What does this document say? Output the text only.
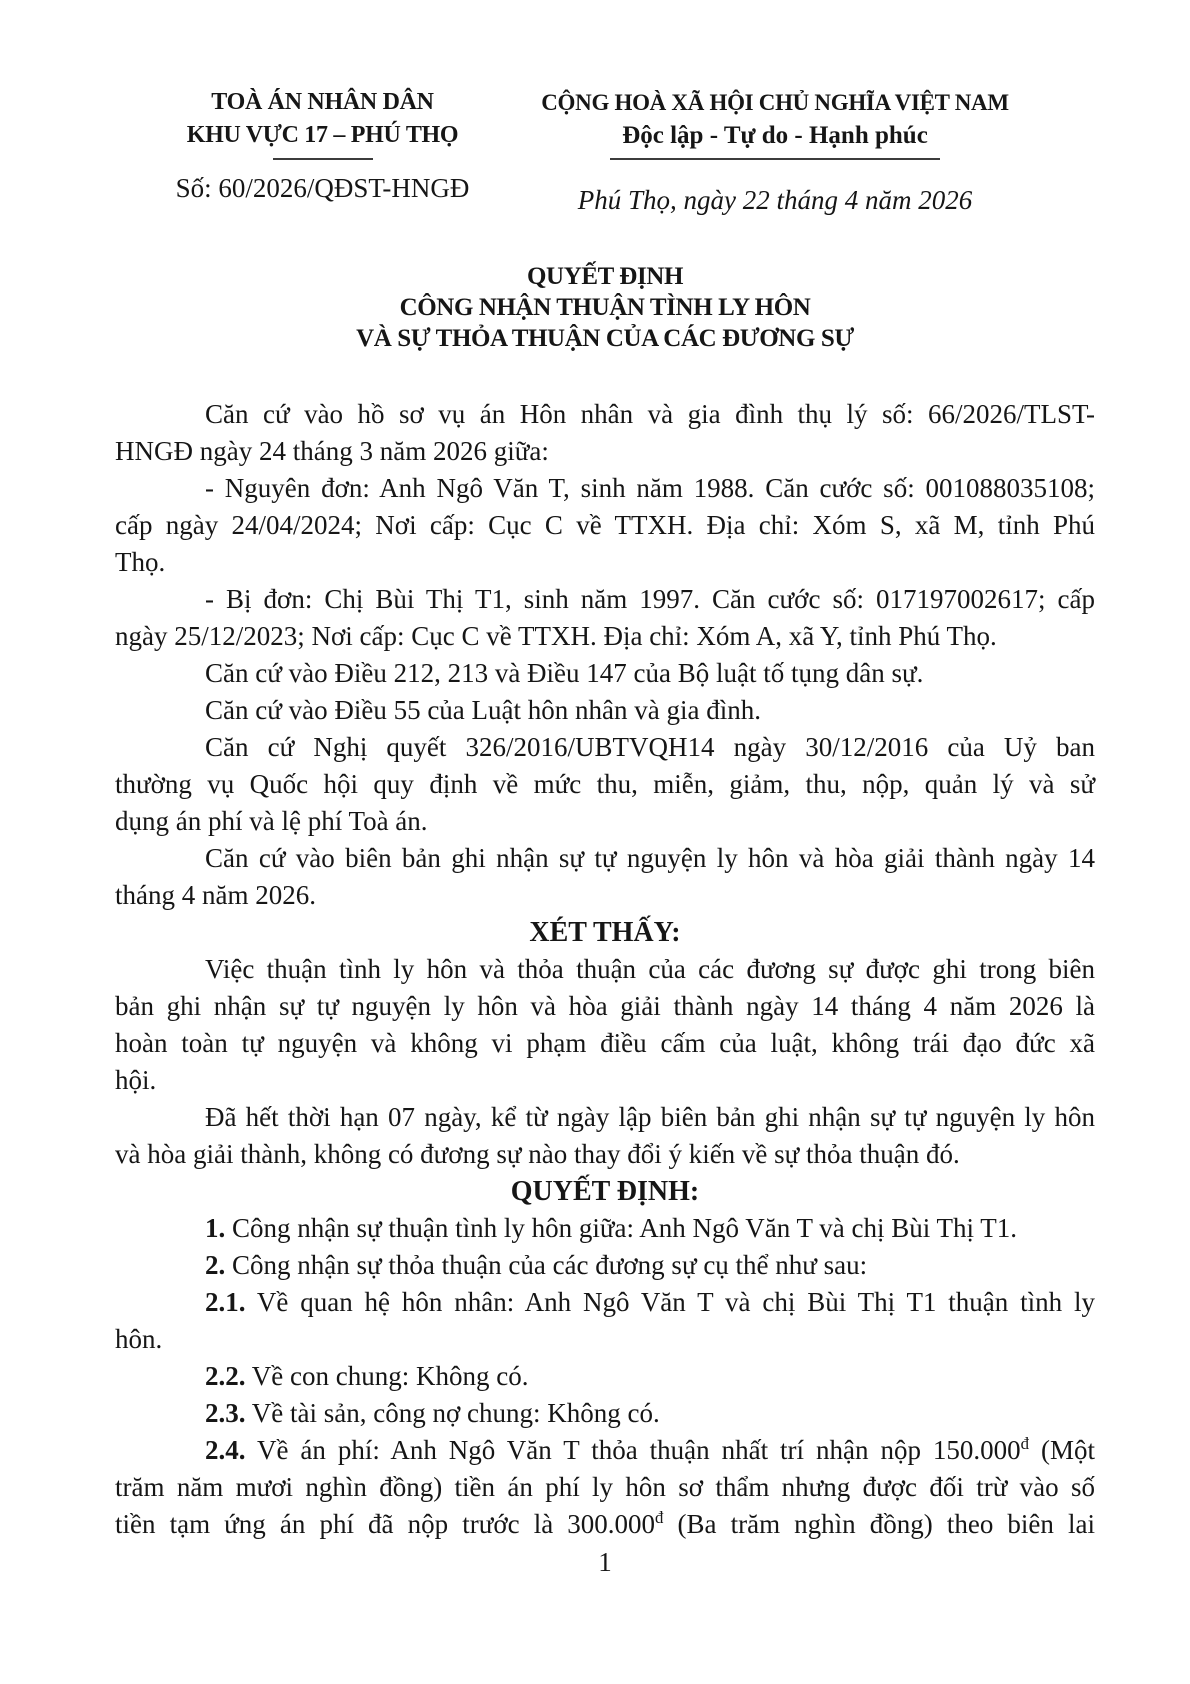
TOÀ ÁN NHÂN DÂN
KHU VỰC 17 – PHÚ THỌ
Số: 60/2026/QĐST-HNGĐ
CỘNG HOÀ XÃ HỘI CHỦ NGHĨA VIỆT NAM
Độc lập - Tự do - Hạnh phúc
Phú Thọ, ngày 22 tháng 4 năm 2026
QUYẾT ĐỊNH
CÔNG NHẬN THUẬN TÌNH LY HÔN
VÀ SỰ THỎA THUẬN CỦA CÁC ĐƯƠNG SỰ
Căn cứ vào hồ sơ vụ án Hôn nhân và gia đình thụ lý số: 66/2026/TLST-
HNGĐ ngày 24 tháng 3 năm 2026 giữa:
- Nguyên đơn: Anh Ngô Văn T, sinh năm 1988. Căn cước số: 001088035108;
cấp ngày 24/04/2024; Nơi cấp: Cục C về TTXH. Địa chỉ: Xóm S, xã M, tỉnh Phú
Thọ.
- Bị đơn: Chị Bùi Thị T1, sinh năm 1997. Căn cước số: 017197002617; cấp
ngày 25/12/2023; Nơi cấp: Cục C về TTXH. Địa chỉ: Xóm A, xã Y, tỉnh Phú Thọ.
Căn cứ vào Điều 212, 213 và Điều 147 của Bộ luật tố tụng dân sự.
Căn cứ vào Điều 55 của Luật hôn nhân và gia đình.
Căn cứ Nghị quyết 326/2016/UBTVQH14 ngày 30/12/2016 của Uỷ ban
thường vụ Quốc hội quy định về mức thu, miễn, giảm, thu, nộp, quản lý và sử
dụng án phí và lệ phí Toà án.
Căn cứ vào biên bản ghi nhận sự tự nguyện ly hôn và hòa giải thành ngày 14
tháng 4 năm 2026.
XÉT THẤY:
Việc thuận tình ly hôn và thỏa thuận của các đương sự được ghi trong biên
bản ghi nhận sự tự nguyện ly hôn và hòa giải thành ngày 14 tháng 4 năm 2026 là
hoàn toàn tự nguyện và không vi phạm điều cấm của luật, không trái đạo đức xã
hội.
Đã hết thời hạn 07 ngày, kể từ ngày lập biên bản ghi nhận sự tự nguyện ly hôn
và hòa giải thành, không có đương sự nào thay đổi ý kiến về sự thỏa thuận đó.
QUYẾT ĐỊNH:
1. Công nhận sự thuận tình ly hôn giữa: Anh Ngô Văn T và chị Bùi Thị T1.
2. Công nhận sự thỏa thuận của các đương sự cụ thể như sau:
2.1. Về quan hệ hôn nhân: Anh Ngô Văn T và chị Bùi Thị T1 thuận tình ly
hôn.
2.2. Về con chung: Không có.
2.3. Về tài sản, công nợ chung: Không có.
2.4. Về án phí: Anh Ngô Văn T thỏa thuận nhất trí nhận nộp $150.000^đ$ (Một
trăm năm mươi nghìn đồng) tiền án phí ly hôn sơ thẩm nhưng được đối trừ vào số
tiền tạm ứng án phí đã nộp trước là $300.000^đ$ (Ba trăm nghìn đồng) theo biên lai
1
